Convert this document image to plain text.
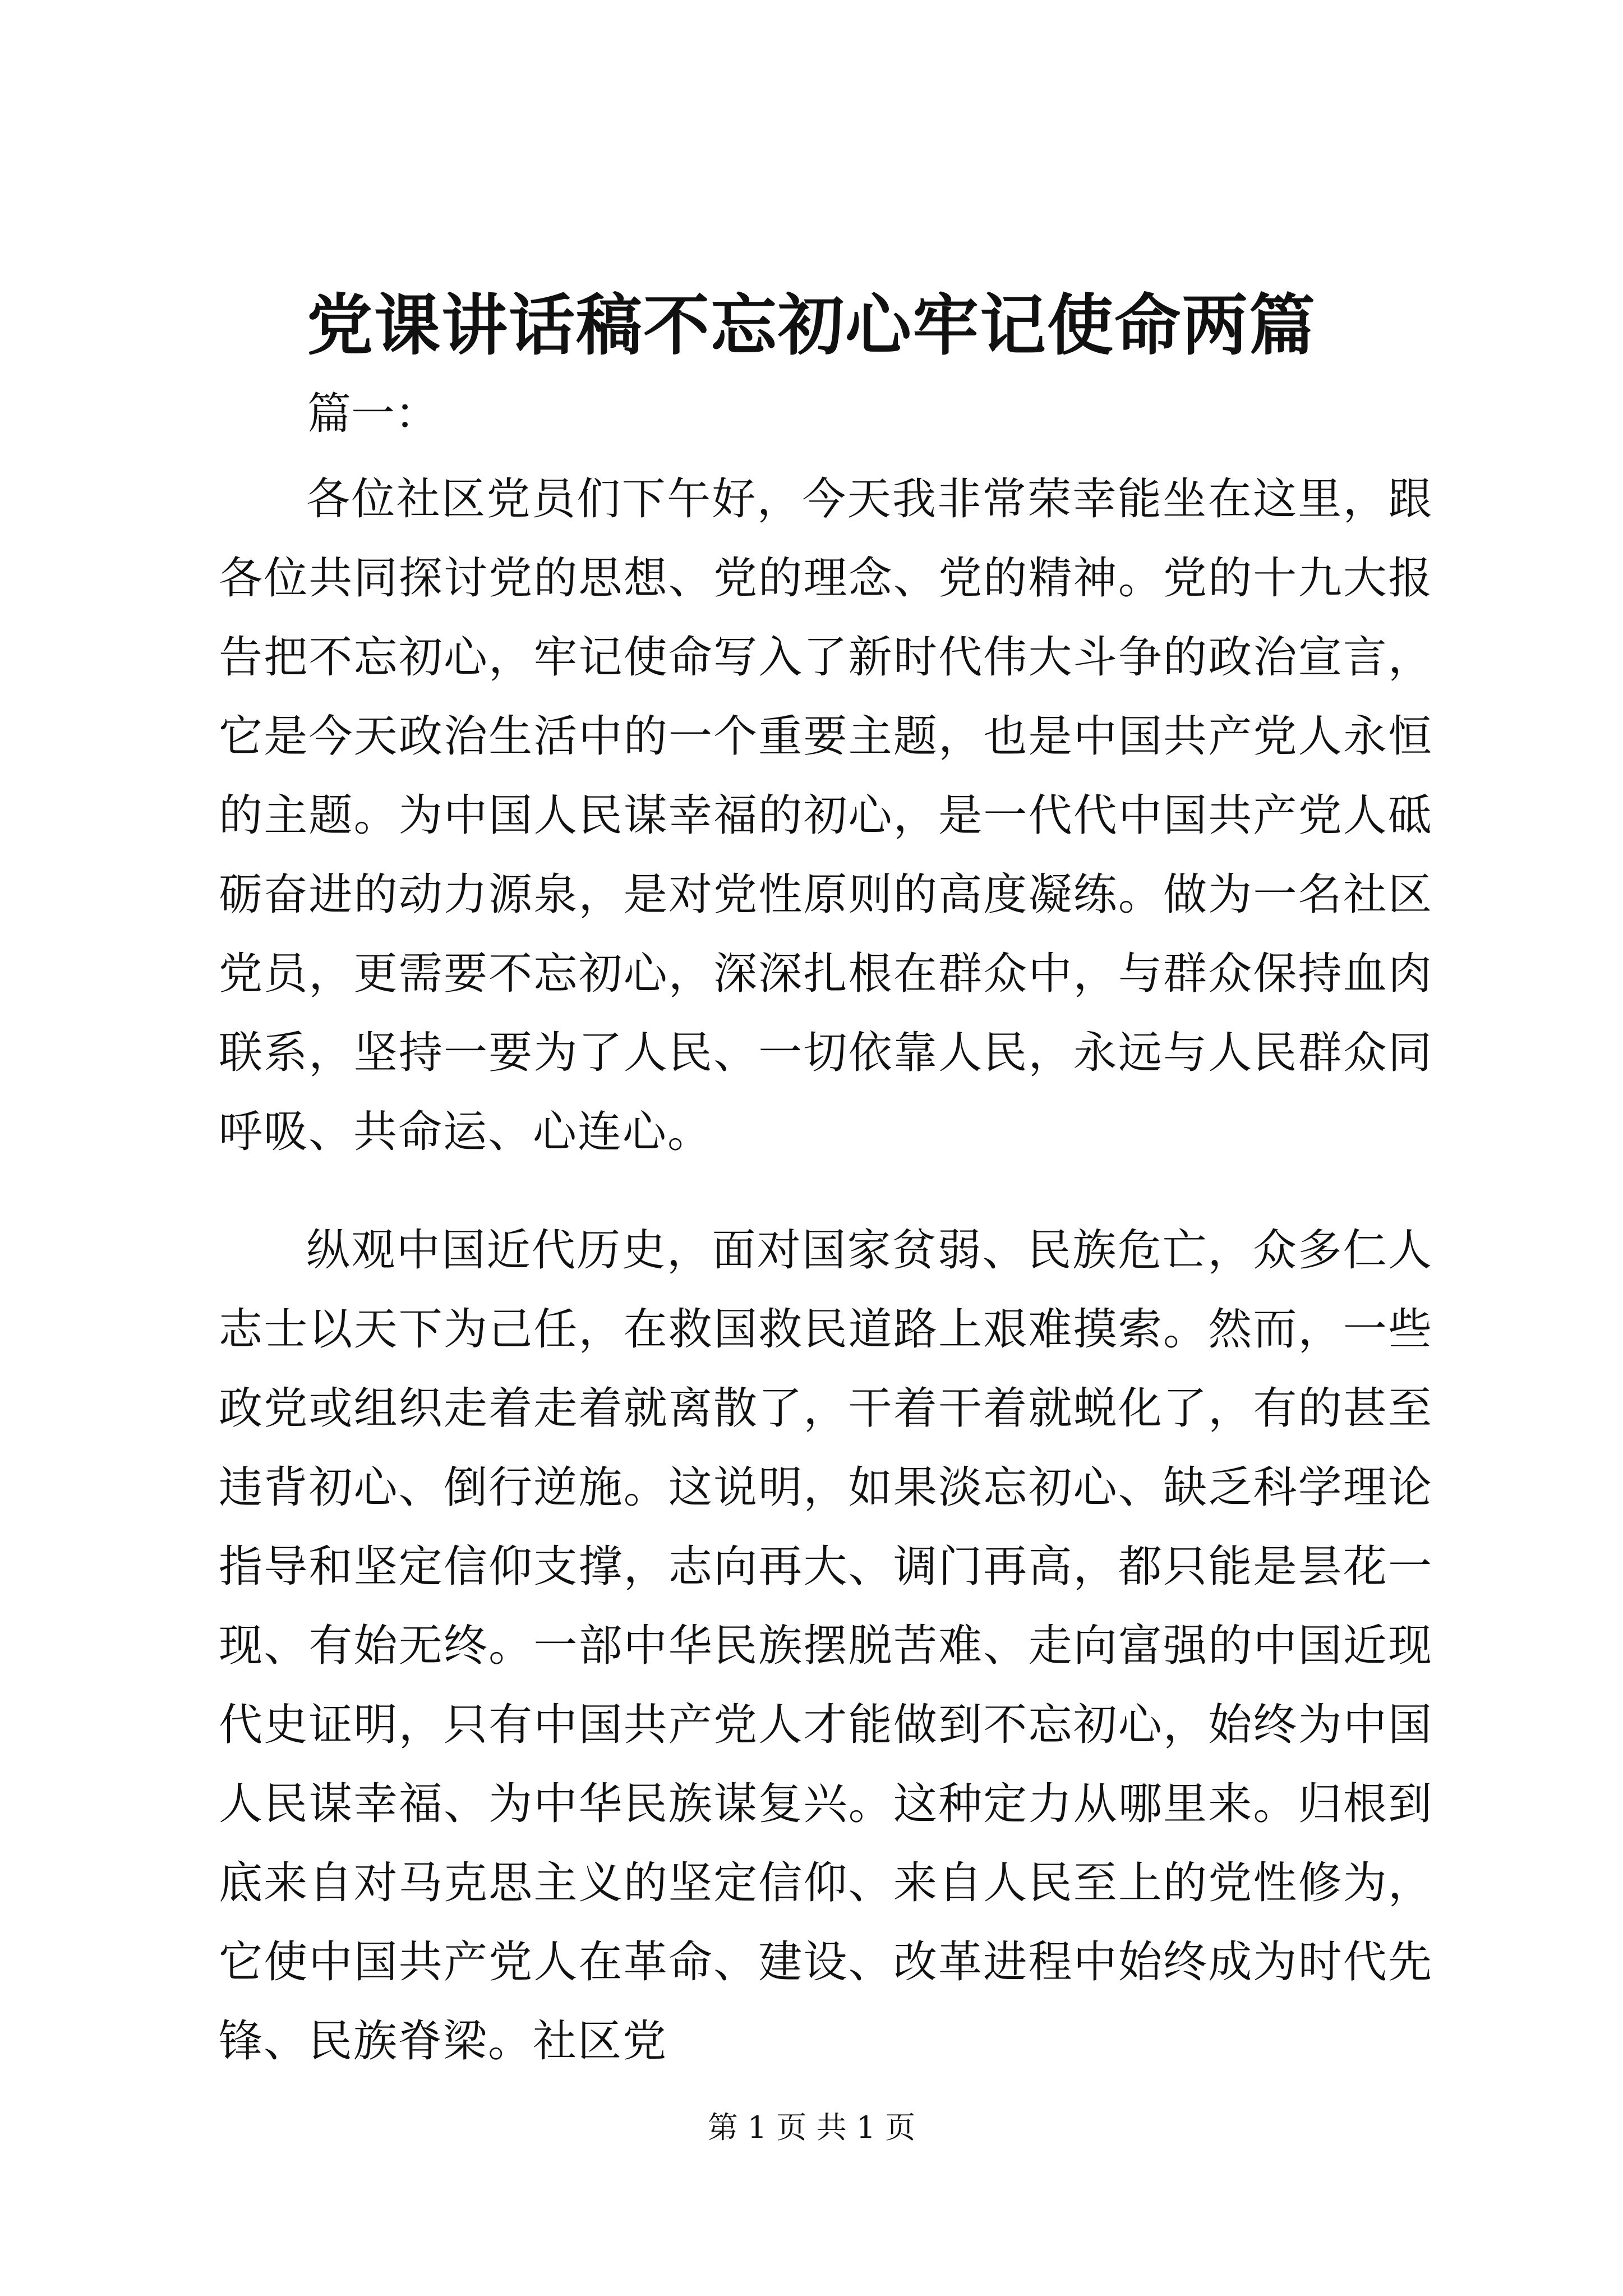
党课讲话稿不忘初心牢记使命两篇

篇一：

各位社区党员们下午好，今天我非常荣幸能坐在这里，跟各位共同探讨党的思想、党的理念、党的精神。党的十九大报告把不忘初心，牢记使命写入了新时代伟大斗争的政治宣言，它是今天政治生活中的一个重要主题，也是中国共产党人永恒的主题。为中国人民谋幸福的初心，是一代代中国共产党人砥砺奋进的动力源泉，是对党性原则的高度凝练。做为一名社区党员，更需要不忘初心，深深扎根在群众中，与群众保持血肉联系，坚持一要为了人民、一切依靠人民，永远与人民群众同呼吸、共命运、心连心。

纵观中国近代历史，面对国家贫弱、民族危亡，众多仁人志士以天下为己任，在救国救民道路上艰难摸索。然而，一些政党或组织走着走着就离散了，干着干着就蜕化了，有的甚至违背初心、倒行逆施。这说明，如果淡忘初心、缺乏科学理论指导和坚定信仰支撑，志向再大、调门再高，都只能是昙花一现、有始无终。一部中华民族摆脱苦难、走向富强的中国近现代史证明，只有中国共产党人才能做到不忘初心，始终为中国人民谋幸福、为中华民族谋复兴。这种定力从哪里来。归根到底来自对马克思主义的坚定信仰、来自人民至上的党性修为，它使中国共产党人在革命、建设、改革进程中始终成为时代先锋、民族脊梁。社区党

第 1 页 共 1 页
